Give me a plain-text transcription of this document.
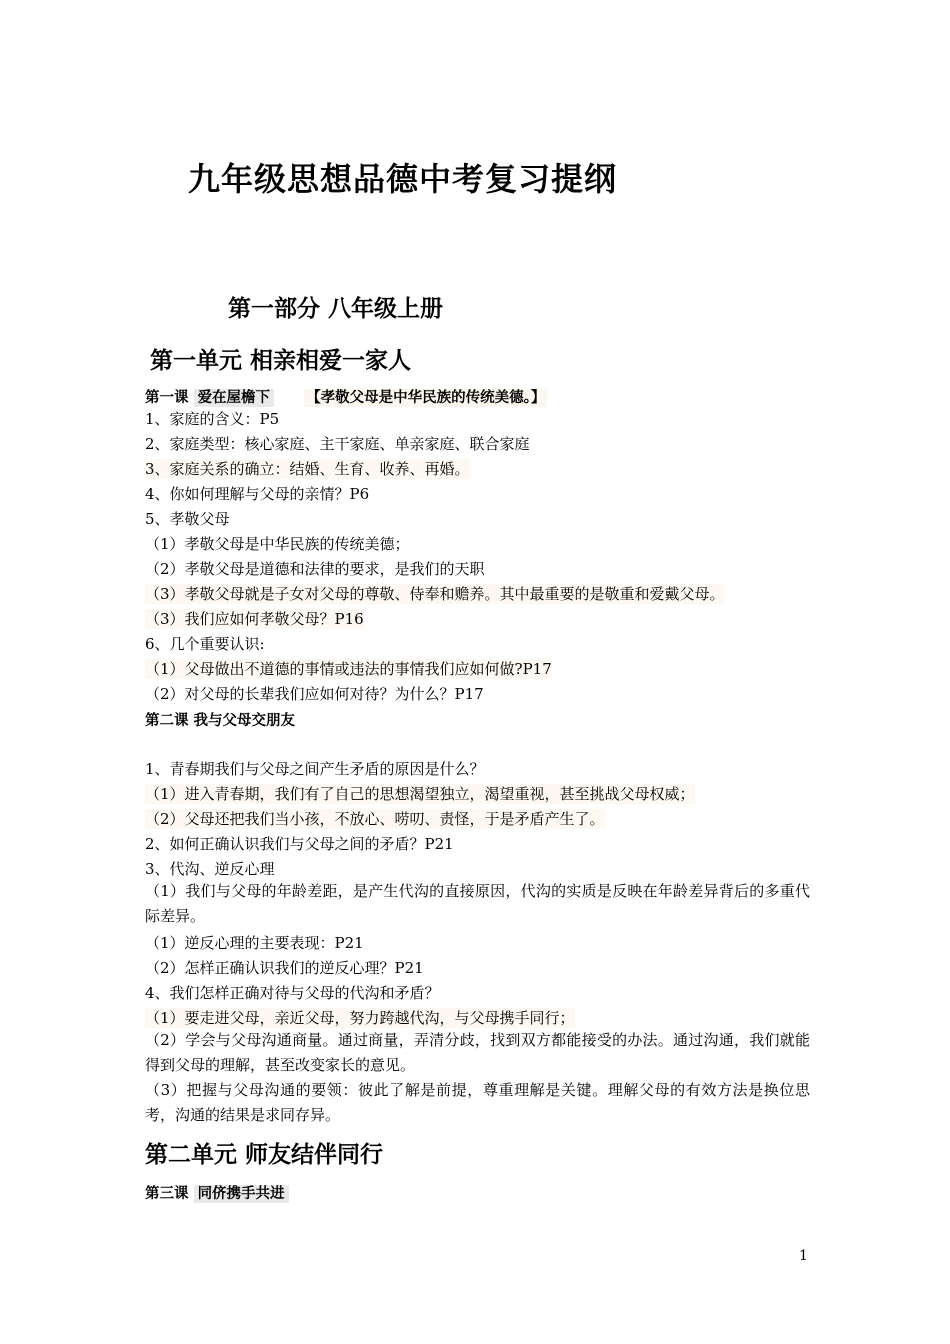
九年级思想品德中考复习提纲
第一部分 八年级上册
第一单元 相亲相爱一家人
第一课 爱在屋檐下 【孝敬父母是中华民族的传统美德。】
1、家庭的含义：P5
2、家庭类型：核心家庭、主干家庭、单亲家庭、联合家庭
3、家庭关系的确立：结婚、生育、收养、再婚。
4、你如何理解与父母的亲情？P6
5、孝敬父母
（1）孝敬父母是中华民族的传统美德；
（2）孝敬父母是道德和法律的要求，是我们的天职
（3）孝敬父母就是子女对父母的尊敬、侍奉和赡养。其中最重要的是敬重和爱戴父母。
（3）我们应如何孝敬父母？P16
6、几个重要认识:
（1）父母做出不道德的事情或违法的事情我们应如何做?P17
（2）对父母的长辈我们应如何对待？为什么？P17
第二课 我与父母交朋友
1、青春期我们与父母之间产生矛盾的原因是什么？
（1）进入青春期，我们有了自己的思想渴望独立，渴望重视，甚至挑战父母权威；
（2）父母还把我们当小孩，不放心、唠叨、责怪，于是矛盾产生了。
2、如何正确认识我们与父母之间的矛盾？P21
3、代沟、逆反心理
（1）我们与父母的年龄差距，是产生代沟的直接原因，代沟的实质是反映在年龄差异背后的多重代际差异。
（1）逆反心理的主要表现：P21
（2）怎样正确认识我们的逆反心理？P21
4、我们怎样正确对待与父母的代沟和矛盾？
（1）要走进父母，亲近父母，努力跨越代沟，与父母携手同行；
（2）学会与父母沟通商量。通过商量，弄清分歧，找到双方都能接受的办法。通过沟通，我们就能得到父母的理解，甚至改变家长的意见。
（3）把握与父母沟通的要领：彼此了解是前提，尊重理解是关键。理解父母的有效方法是换位思考，沟通的结果是求同存异。
第二单元 师友结伴同行
第三课 同侪携手共进
1
